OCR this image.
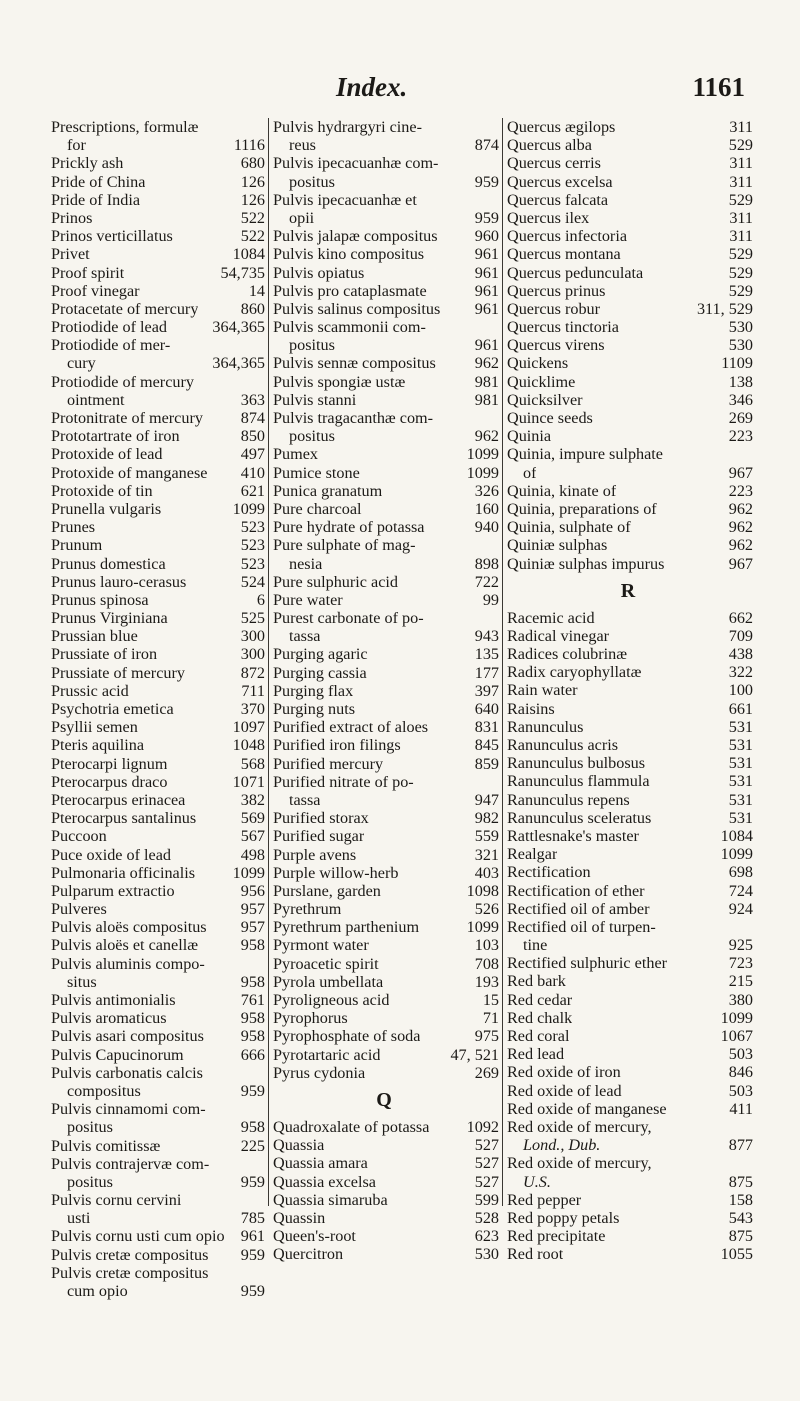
Index.	1161
Prescriptions, formulæ
for	1116
Prickly ash	680
Pride of China	126
Pride of India	126
Prinos	522
Prinos verticillatus	522
Privet	1084
Proof spirit	54,735
Proof vinegar	14
Protacetate of mercury	860
Protiodide of lead	364,365
Protiodide of mer-
cury	364,365
Protiodide of mercury
ointment	363
Protonitrate of mercury 874
Prototartrate of iron	850
Protoxide of lead	497
Protoxide of manganese 410
Protoxide of tin	621
Prunella vulgaris	1099
Prunes	523
Prunum	523
Prunus domestica	523
Prunus lauro-cerasus	524
Prunus spinosa	6
Prunus Virginiana	525
Prussian blue	300
Prussiate of iron	300
Prussiate of mercury	872
Prussic acid	711
Psychotria emetica	370
Psyllii semen	1097
Pteris aquilina	1048
Pterocarpi lignum	568
Pterocarpus draco	1071
Pterocarpus erinacea	382
Pterocarpus santalinus	569
Puccoon	567
Puce oxide of lead	498
Pulmonaria officinalis 1099
Pulparum extractio	956
Pulveres	957
Pulvis aloës compositus 957
Pulvis aloës et canellæ	958
Pulvis aluminis compo-
situs	958
Pulvis antimonialis	761
Pulvis aromaticus	958
Pulvis asari compositus 958
Pulvis Capucinorum	666
Pulvis carbonatis calcis
compositus	959
Pulvis cinnamomi com-
positus	958
Pulvis comitissæ	225
Pulvis contrajervæ com-
positus	959
Pulvis cornu cervini
usti	785
Pulvis cornu usti cum opio 961
Pulvis cretæ compositus 959
Pulvis cretæ compositus
cum opio	959
Pulvis hydrargyri cine-
reus	874
Pulvis ipecacuanhæ com-
positus	959
Pulvis ipecacuanhæ et
opii	959
Pulvis jalapæ compositus 960
Pulvis kino compositus	961
Pulvis opiatus	961
Pulvis pro cataplasmate	961
Pulvis salinus compositus 961
Pulvis scammonii com-
positus	961
Pulvis sennæ compositus 962
Pulvis spongiæ ustæ	981
Pulvis stanni	981
Pulvis tragacanthæ com-
positus	962
Pumex	1099
Pumice stone	1099
Punica granatum	326
Pure charcoal	160
Pure hydrate of potassa	940
Pure sulphate of mag-
nesia	898
Pure sulphuric acid	722
Pure water	99
Purest carbonate of po-
tassa	943
Purging agaric	135
Purging cassia	177
Purging flax	397
Purging nuts	640
Purified extract of aloes	831
Purified iron filings	845
Purified mercury	859
Purified nitrate of po-
tassa	947
Purified storax	982
Purified sugar	559
Purple avens	321
Purple willow-herb	403
Purslane, garden	1098
Pyrethrum	526
Pyrethrum parthenium	1099
Pyrmont water	103
Pyroacetic spirit	708
Pyrola umbellata	193
Pyroligneous acid	15
Pyrophorus	71
Pyrophosphate of soda	975
Pyrotartaric acid	47, 521
Pyrus cydonia	269
Q
Quadroxalate of potassa 1092
Quassia	527
Quassia amara	527
Quassia excelsa	527
Quassia simaruba	599
Quassin	528
Queen's-root	623
Quercitron	530
Quercus ægilops	311
Quercus alba	529
Quercus cerris	311
Quercus excelsa	311
Quercus falcata	529
Quercus ilex	311
Quercus infectoria	311
Quercus montana	529
Quercus pedunculata	529
Quercus prinus	529
Quercus robur	311, 529
Quercus tinctoria	530
Quercus virens	530
Quickens	1109
Quicklime	138
Quicksilver	346
Quince seeds	269
Quinia	223
Quinia, impure sulphate
of	967
Quinia, kinate of	223
Quinia, preparations of	962
Quinia, sulphate of	962
Quiniæ sulphas	962
Quiniæ sulphas impurus	967
R
Racemic acid	662
Radical vinegar	709
Radices colubrinæ	438
Radix caryophyllatæ	322
Rain water	100
Raisins	661
Ranunculus	531
Ranunculus acris	531
Ranunculus bulbosus	531
Ranunculus flammula	531
Ranunculus repens	531
Ranunculus sceleratus	531
Rattlesnake's master	1084
Realgar	1099
Rectification	698
Rectification of ether	724
Rectified oil of amber	924
Rectified oil of turpen-
tine	925
Rectified sulphuric ether	723
Red bark	215
Red cedar	380
Red chalk	1099
Red coral	1067
Red lead	503
Red oxide of iron	846
Red oxide of lead	503
Red oxide of manganese	411
Red oxide of mercury,
Lond., Dub.	877
Red oxide of mercury,
U.S.	875
Red pepper	158
Red poppy petals	543
Red precipitate	875
Red root	1055
